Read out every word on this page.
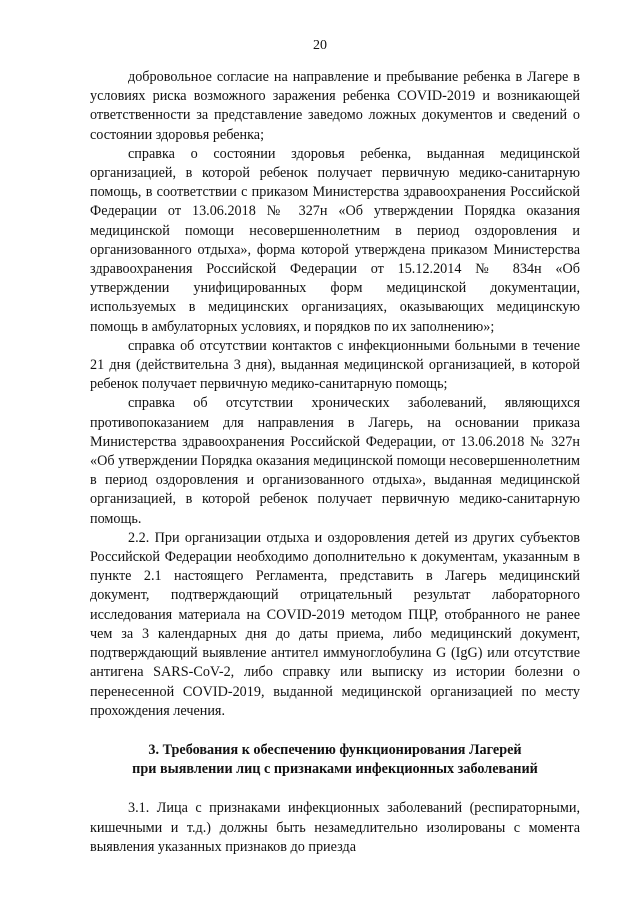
20

добровольное согласие на направление и пребывание ребенка в Лагере в условиях риска возможного заражения ребенка COVID-2019 и возникающей ответственности за представление заведомо ложных документов и сведений о состоянии здоровья ребенка;

справка о состоянии здоровья ребенка, выданная медицинской организацией, в которой ребенок получает первичную медико-санитарную помощь, в соответствии с приказом Министерства здравоохранения Российской Федерации от 13.06.2018 № 327н «Об утверждении Порядка оказания медицинской помощи несовершеннолетним в период оздоровления и организованного отдыха», форма которой утверждена приказом Министерства здравоохранения Российской Федерации от 15.12.2014 № 834н «Об утверждении унифицированных форм медицинской документации, используемых в медицинских организациях, оказывающих медицинскую помощь в амбулаторных условиях, и порядков по их заполнению»;

справка об отсутствии контактов с инфекционными больными в течение 21 дня (действительна 3 дня), выданная медицинской организацией, в которой ребенок получает первичную медико-санитарную помощь;

справка об отсутствии хронических заболеваний, являющихся противопоказанием для направления в Лагерь, на основании приказа Министерства здравоохранения Российской Федерации, от 13.06.2018 № 327н «Об утверждении Порядка оказания медицинской помощи несовершеннолетним в период оздоровления и организованного отдыха», выданная медицинской организацией, в которой ребенок получает первичную медико-санитарную помощь.

2.2. При организации отдыха и оздоровления детей из других субъектов Российской Федерации необходимо дополнительно к документам, указанным в пункте 2.1 настоящего Регламента, представить в Лагерь медицинский документ, подтверждающий отрицательный результат лабораторного исследования материала на COVID-2019 методом ПЦР, отобранного не ранее чем за 3 календарных дня до даты приема, либо медицинский документ, подтверждающий выявление антител иммуноглобулина G (IgG) или отсутствие антигена SARS-CoV-2, либо справку или выписку из истории болезни о перенесенной COVID-2019, выданной медицинской организацией по месту прохождения лечения.

3. Требования к обеспечению функционирования Лагерей
при выявлении лиц с признаками инфекционных заболеваний

3.1. Лица с признаками инфекционных заболеваний (респираторными, кишечными и т.д.) должны быть незамедлительно изолированы с момента выявления указанных признаков до приезда
